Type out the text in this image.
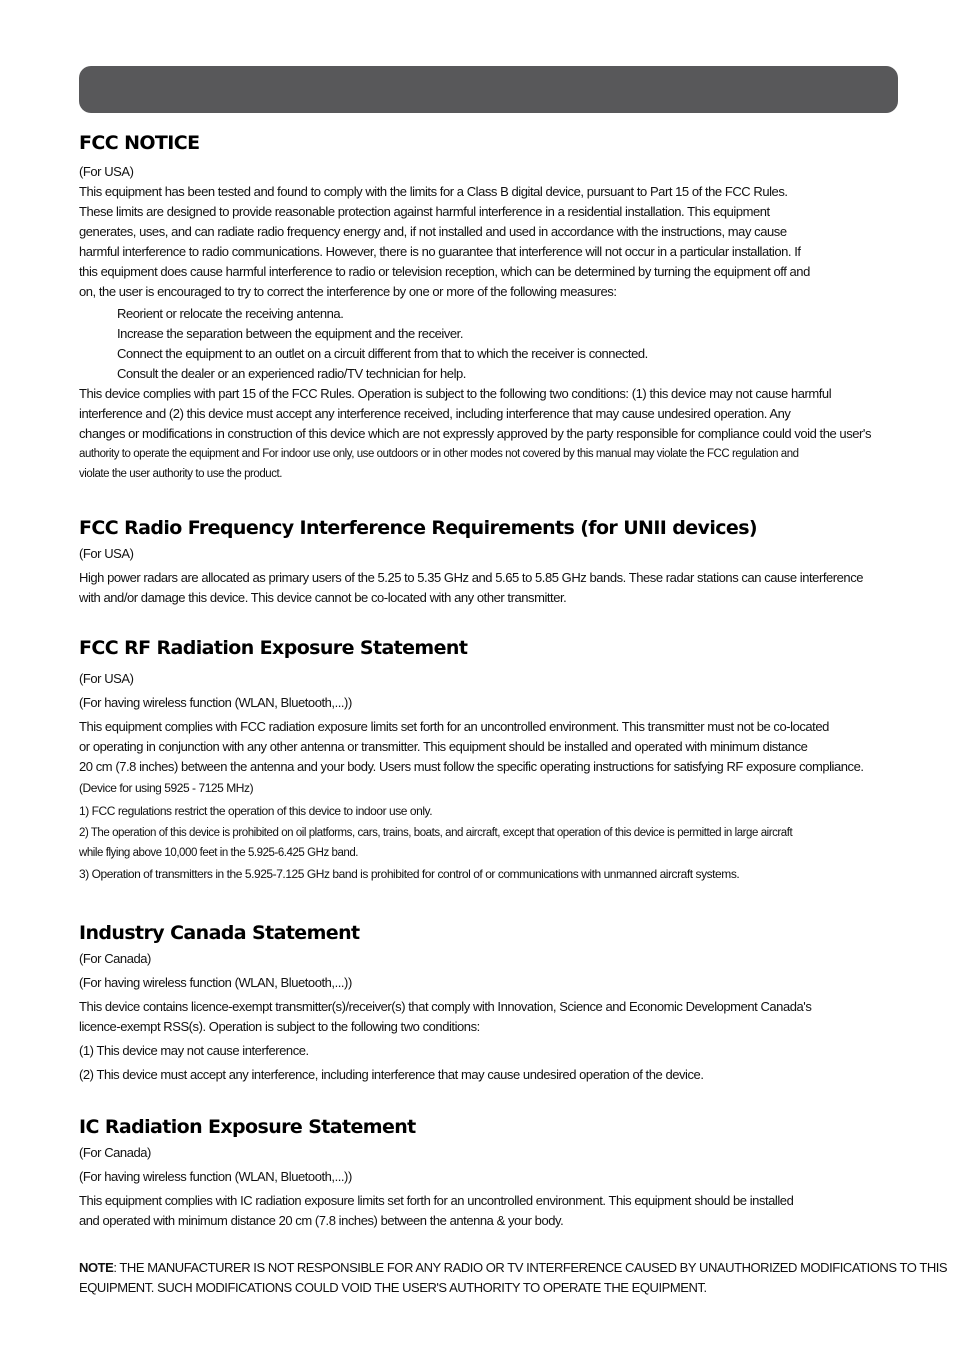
FCC NOTICE

(For USA)

This equipment has been tested and found to comply with the limits for a Class B digital device, pursuant to Part 15 of the FCC Rules.

These limits are designed to provide reasonable protection against harmful interference in a residential installation. This equipment

generates, uses, and can radiate radio frequency energy and, if not installed and used in accordance with the instructions, may cause

harmful interference to radio communications. However, there is no guarantee that interference will not occur in a particular installation. If

this equipment does cause harmful interference to radio or television reception, which can be determined by turning the equipment off and

on, the user is encouraged to try to correct the interference by one or more of the following measures:

Reorient or relocate the receiving antenna.

Increase the separation between the equipment and the receiver.

Connect the equipment to an outlet on a circuit different from that to which the receiver is connected.

Consult the dealer or an experienced radio/TV technician for help.

This device complies with part 15 of the FCC Rules. Operation is subject to the following two conditions: (1) this device may not cause harmful

interference and (2) this device must accept any interference received, including interference that may cause undesired operation. Any

changes or modifications in construction of this device which are not expressly approved by the party responsible for compliance could void the user's

authority to operate the equipment and For indoor use only, use outdoors or in other modes not covered by this manual may violate the FCC regulation and

violate the user authority to use the product.

FCC Radio Frequency Interference Requirements (for UNII devices)

(For USA)

High power radars are allocated as primary users of the 5.25 to 5.35 GHz and 5.65 to 5.85 GHz bands. These radar stations can cause interference

with and/or damage this device. This device cannot be co-located with any other transmitter.

FCC RF Radiation Exposure Statement

(For USA)

(For having wireless function (WLAN, Bluetooth,...))

This equipment complies with FCC radiation exposure limits set forth for an uncontrolled environment. This transmitter must not be co-located

or operating in conjunction with any other antenna or transmitter. This equipment should be installed and operated with minimum distance

20 cm (7.8 inches) between the antenna and your body. Users must follow the specific operating instructions for satisfying RF exposure compliance.

(Device for using 5925 - 7125 MHz)

1) FCC regulations restrict the operation of this device to indoor use only.

2) The operation of this device is prohibited on oil platforms, cars, trains, boats, and aircraft, except that operation of this device is permitted in large aircraft

while flying above 10,000 feet in the 5.925-6.425 GHz band.

3) Operation of transmitters in the 5.925-7.125 GHz band is prohibited for control of or communications with unmanned aircraft systems.

Industry Canada Statement

(For Canada)

(For having wireless function (WLAN, Bluetooth,...))

This device contains licence-exempt transmitter(s)/receiver(s) that comply with Innovation, Science and Economic Development Canada's

licence-exempt RSS(s). Operation is subject to the following two conditions:

(1) This device may not cause interference.

(2) This device must accept any interference, including interference that may cause undesired operation of the device.

IC Radiation Exposure Statement

(For Canada)

(For having wireless function (WLAN, Bluetooth,...))

This equipment complies with IC radiation exposure limits set forth for an uncontrolled environment. This equipment should be installed

and operated with minimum distance 20 cm (7.8 inches) between the antenna & your body.

NOTE: THE MANUFACTURER IS NOT RESPONSIBLE FOR ANY RADIO OR TV INTERFERENCE CAUSED BY UNAUTHORIZED MODIFICATIONS TO THIS

EQUIPMENT. SUCH MODIFICATIONS COULD VOID THE USER'S AUTHORITY TO OPERATE THE EQUIPMENT.
